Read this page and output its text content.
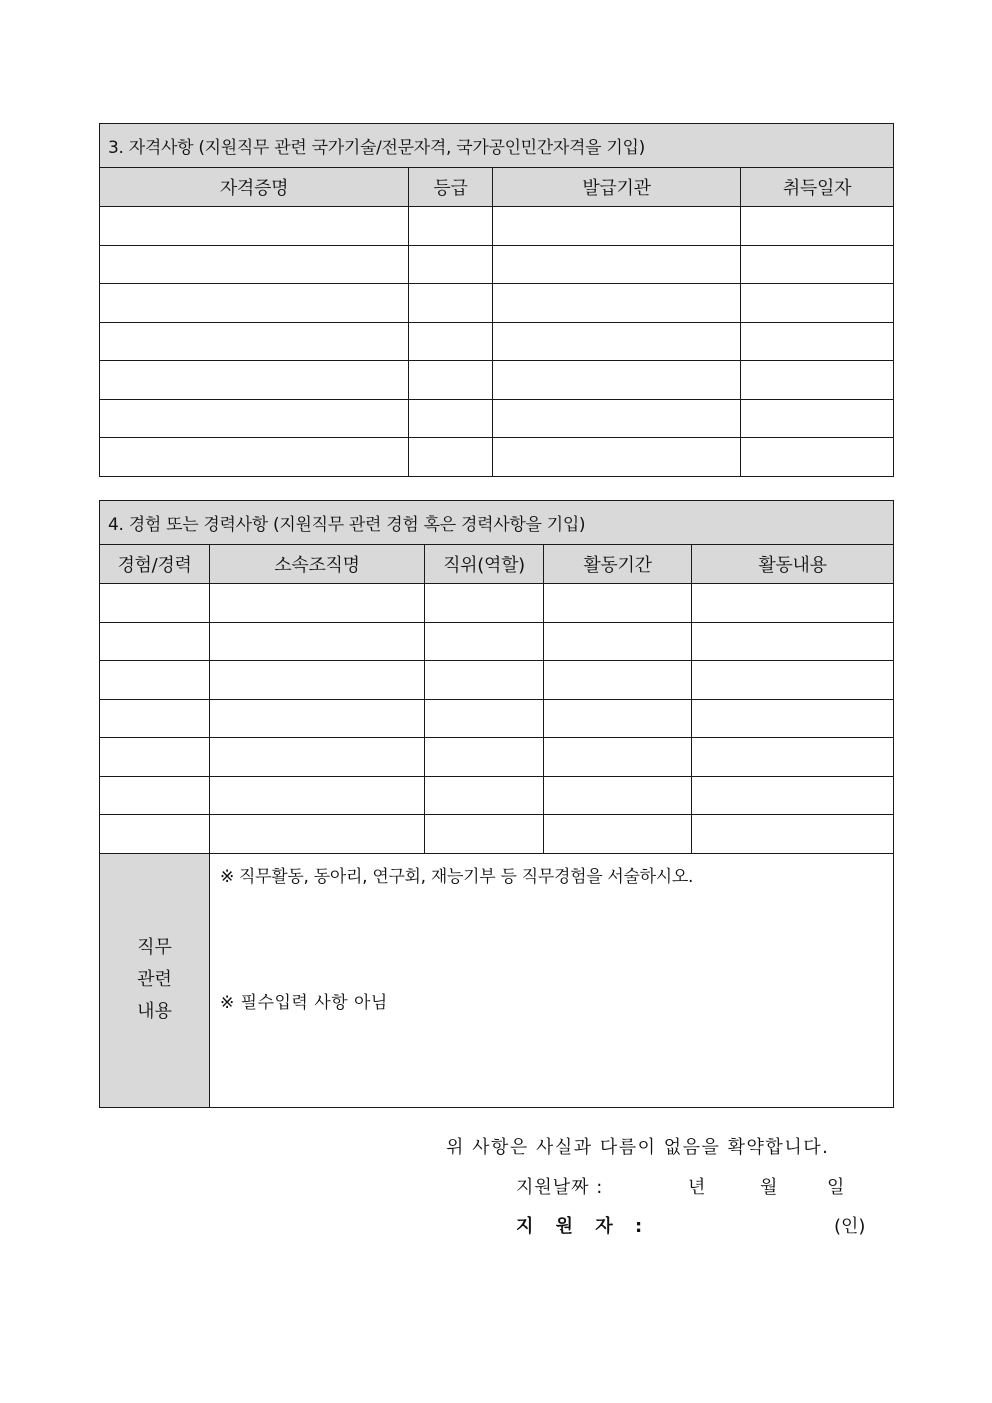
3. 자격사항 (지원직무 관련 국가기술/전문자격, 국가공인민간자격을 기입)			
자격증명	등급	발급기관	취득일자

4. 경험 또는 경력사항 (지원직무 관련 경험 혹은 경력사항을 기입)				
경험/경력	소속조직명	직위(역할)	활동기간	활동내용

직무
관련
내용

※ 직무활동, 동아리, 연구회, 재능기부 등 직무경험을 서술하시오.
※ 필수입력 사항 아님
위 사항은 사실과 다름이 없음을 확약합니다.
지원날짜 :	년	월	일
지 원 자 :	(인)
